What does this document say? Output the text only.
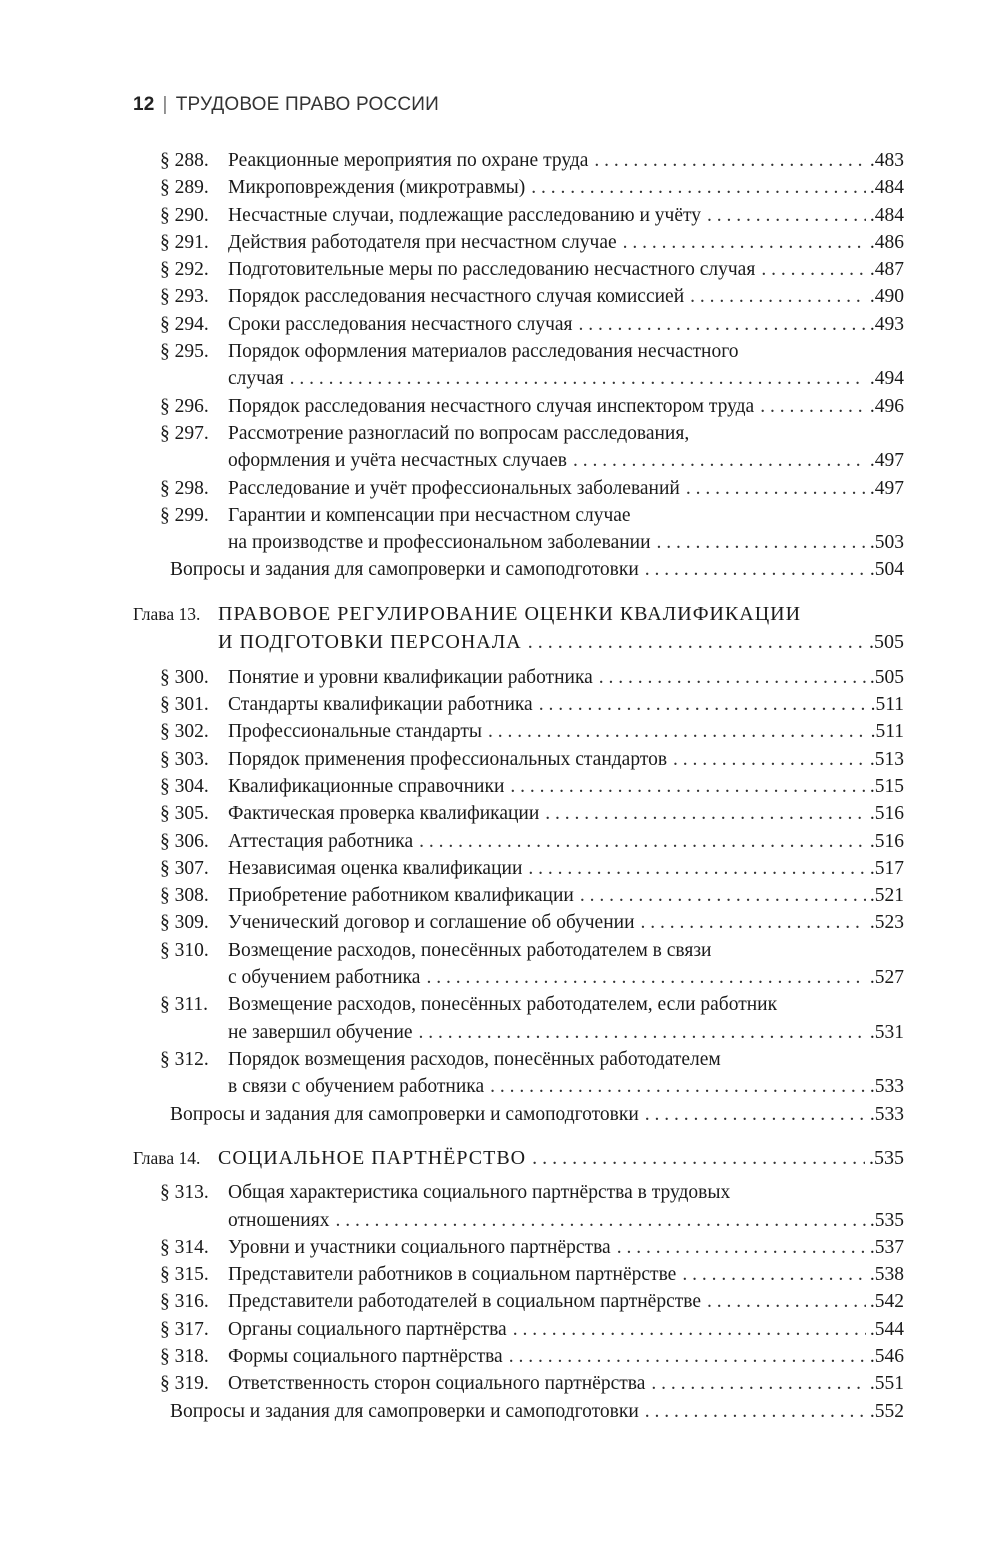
12 | ТРУДОВОЕ ПРАВО РОССИИ
§ 288. Реакционные мероприятия по охране труда . . .	.483
§ 289. Микроповреждения (микротравмы) . . .	.484
§ 290. Несчастные случаи, подлежащие расследованию и учёту . . .	.484
§ 291. Действия работодателя при несчастном случае . . .	.486
§ 292. Подготовительные меры по расследованию несчастного случая . . .	.487
§ 293. Порядок расследования несчастного случая комиссией . . .	.490
§ 294. Сроки расследования несчастного случая . . .	.493
§ 295. Порядок оформления материалов расследования несчастного
случая . . .	.494
§ 296. Порядок расследования несчастного случая инспектором труда . . .	.496
§ 297. Рассмотрение разногласий по вопросам расследования,
оформления и учёта несчастных случаев . . .	.497
§ 298. Расследование и учёт профессиональных заболеваний . . .	.497
§ 299. Гарантии и компенсации при несчастном случае
на производстве и профессиональном заболевании . . .	.503
Вопросы и задания для самопроверки и самоподготовки . . .	.504
Глава 13. ПРАВОВОЕ РЕГУЛИРОВАНИЕ ОЦЕНКИ КВАЛИФИКАЦИИ
И ПОДГОТОВКИ ПЕРСОНАЛА . . .	.505
§ 300. Понятие и уровни квалификации работника . . .	.505
§ 301. Стандарты квалификации работника . . .	.511
§ 302. Профессиональные стандарты . . .	.511
§ 303. Порядок применения профессиональных стандартов . . .	.513
§ 304. Квалификационные справочники . . .	.515
§ 305. Фактическая проверка квалификации . . .	.516
§ 306. Аттестация работника . . .	.516
§ 307. Независимая оценка квалификации . . .	.517
§ 308. Приобретение работником квалификации . . .	.521
§ 309. Ученический договор и соглашение об обучении . . .	.523
§ 310. Возмещение расходов, понесённых работодателем в связи
с обучением работника . . .	.527
§ 311. Возмещение расходов, понесённых работодателем, если работник
не завершил обучение . . .	.531
§ 312. Порядок возмещения расходов, понесённых работодателем
в связи с обучением работника . . .	.533
Вопросы и задания для самопроверки и самоподготовки . . .	.533
Глава 14. СОЦИАЛЬНОЕ ПАРТНЁРСТВО . . .	.535
§ 313. Общая характеристика социального партнёрства в трудовых
отношениях . . .	.535
§ 314. Уровни и участники социального партнёрства . . .	.537
§ 315. Представители работников в социальном партнёрстве . . .	.538
§ 316. Представители работодателей в социальном партнёрстве . . .	.542
§ 317. Органы социального партнёрства . . .	.544
§ 318. Формы социального партнёрства . . .	.546
§ 319. Ответственность сторон социального партнёрства . . .	.551
Вопросы и задания для самопроверки и самоподготовки . . .	.552
